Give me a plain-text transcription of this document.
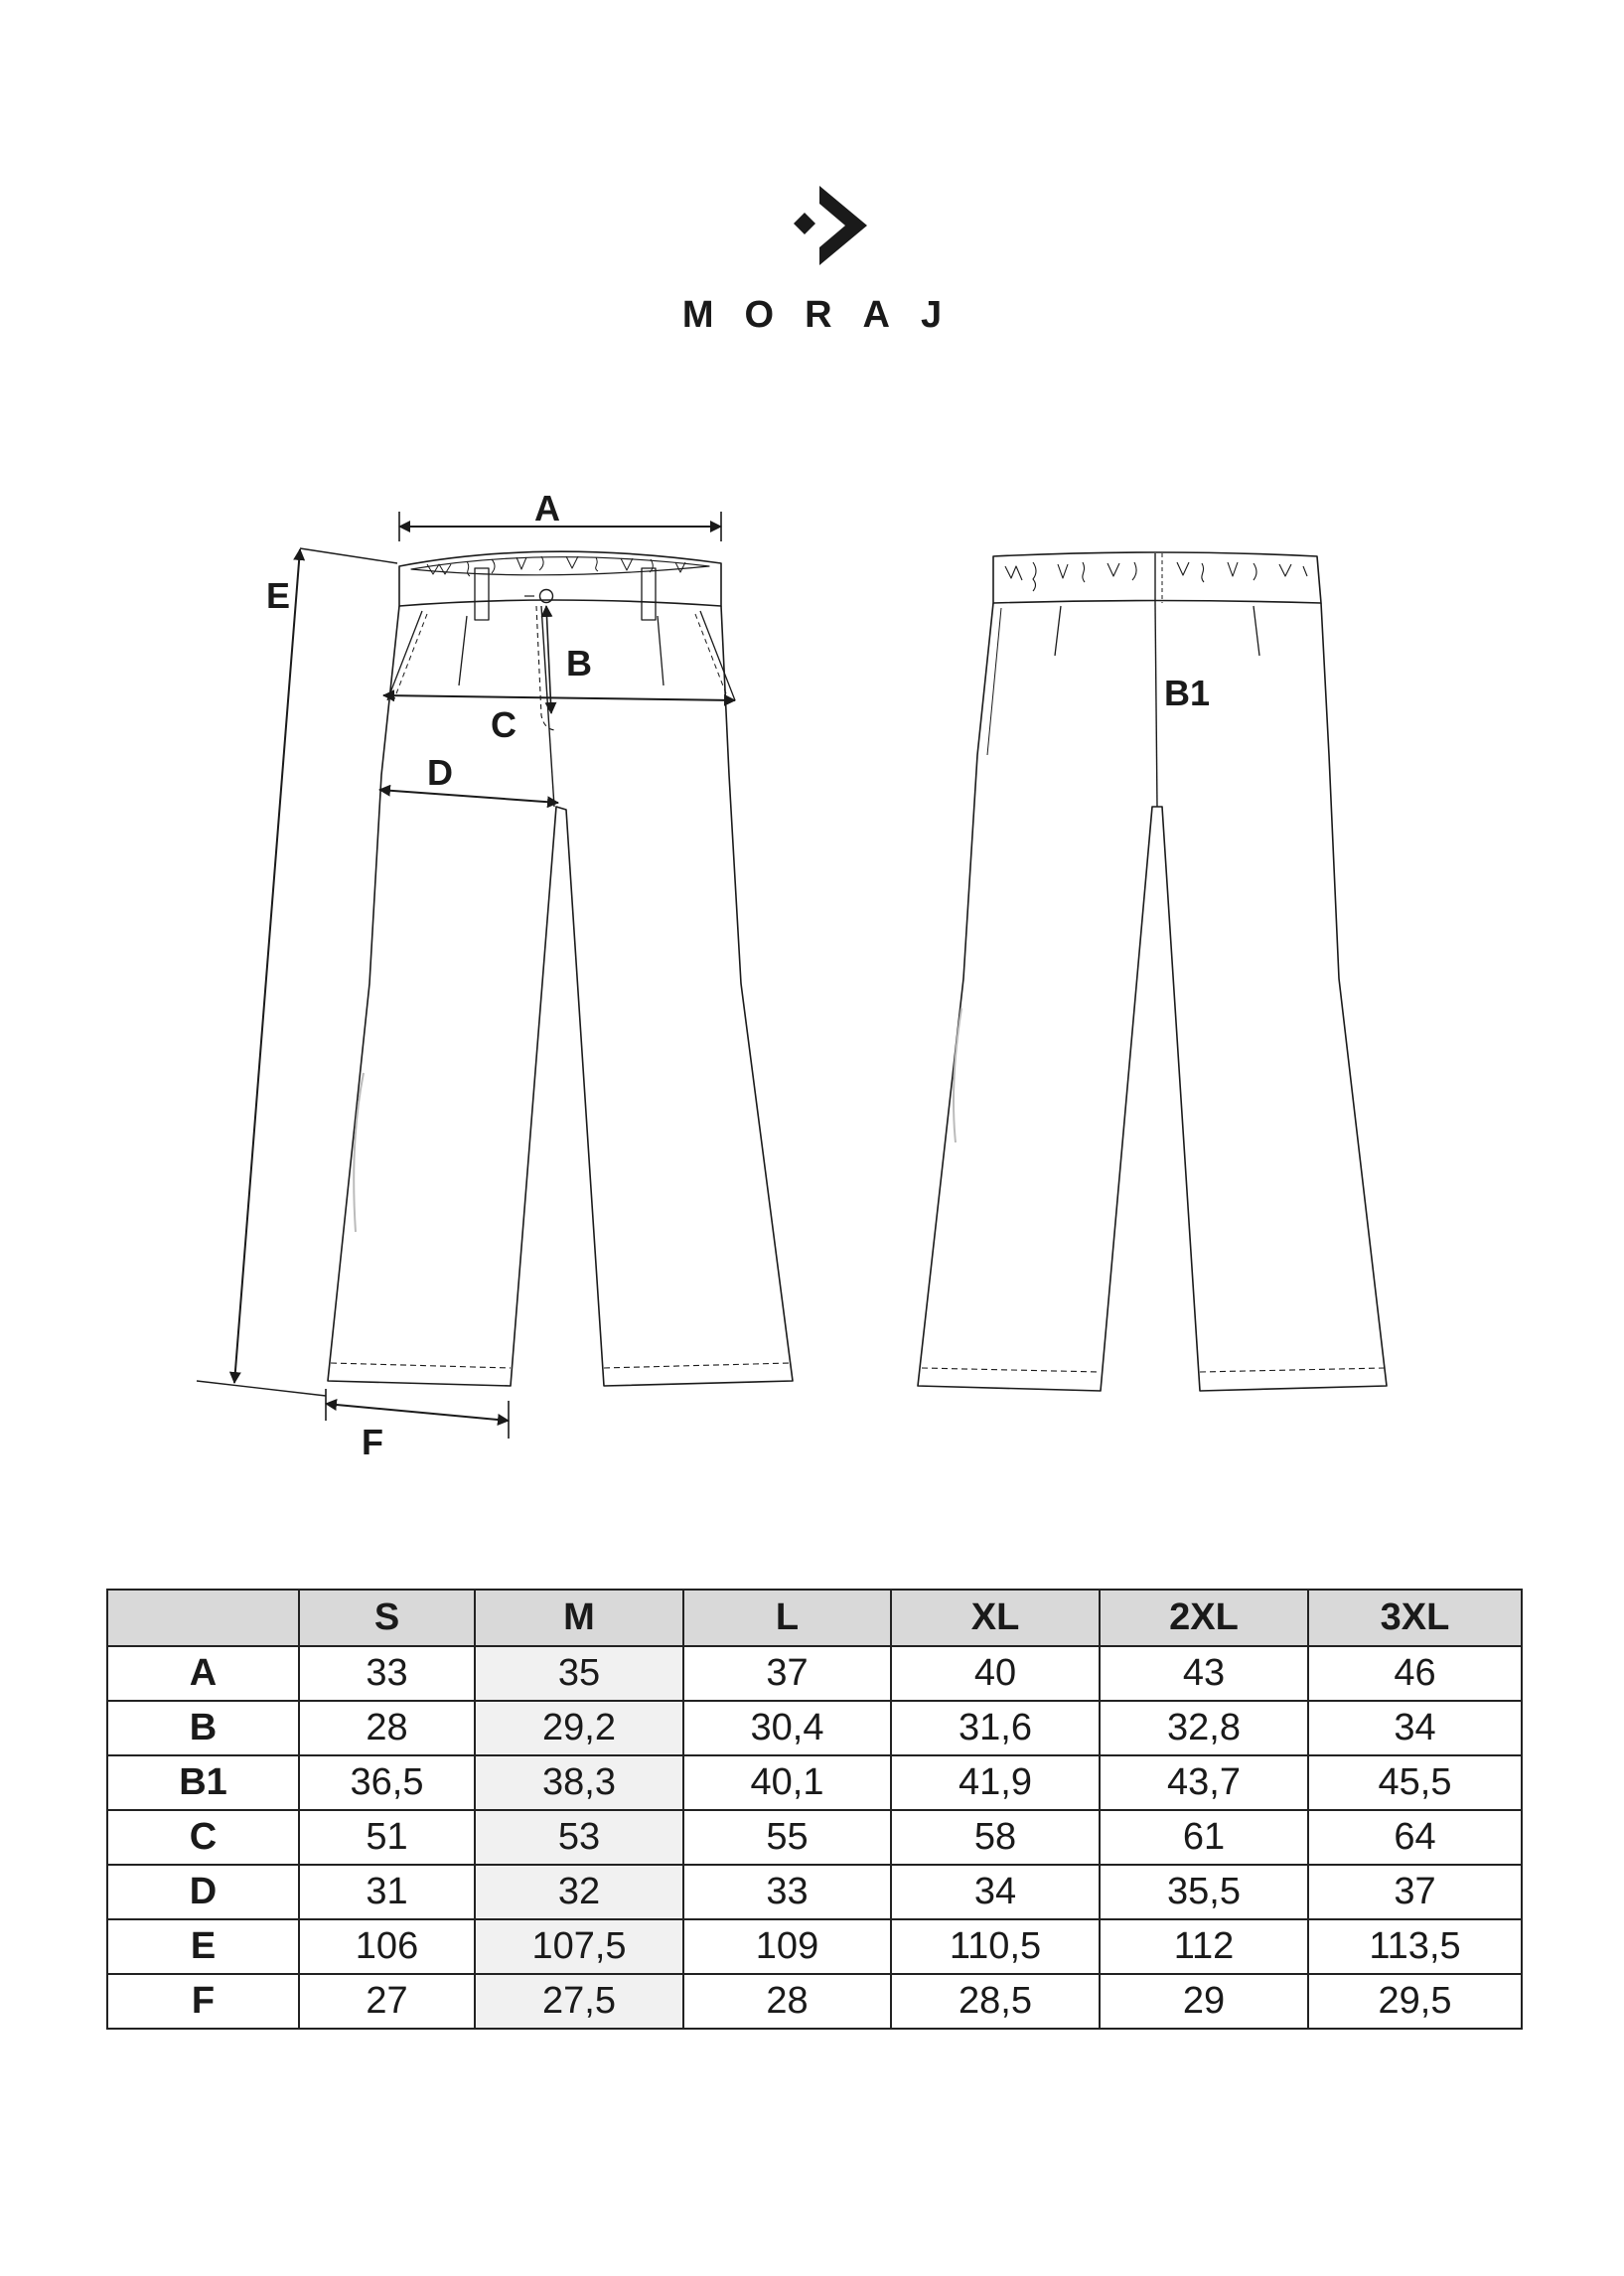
MORAJ
A
E
B
C
D
F
B1
	S	M	L	XL	2XL	3XL
A	33	35	37	40	43	46
B	28	29,2	30,4	31,6	32,8	34
B1	36,5	38,3	40,1	41,9	43,7	45,5
C	51	53	55	58	61	64
D	31	32	33	34	35,5	37
E	106	107,5	109	110,5	112	113,5
F	27	27,5	28	28,5	29	29,5
